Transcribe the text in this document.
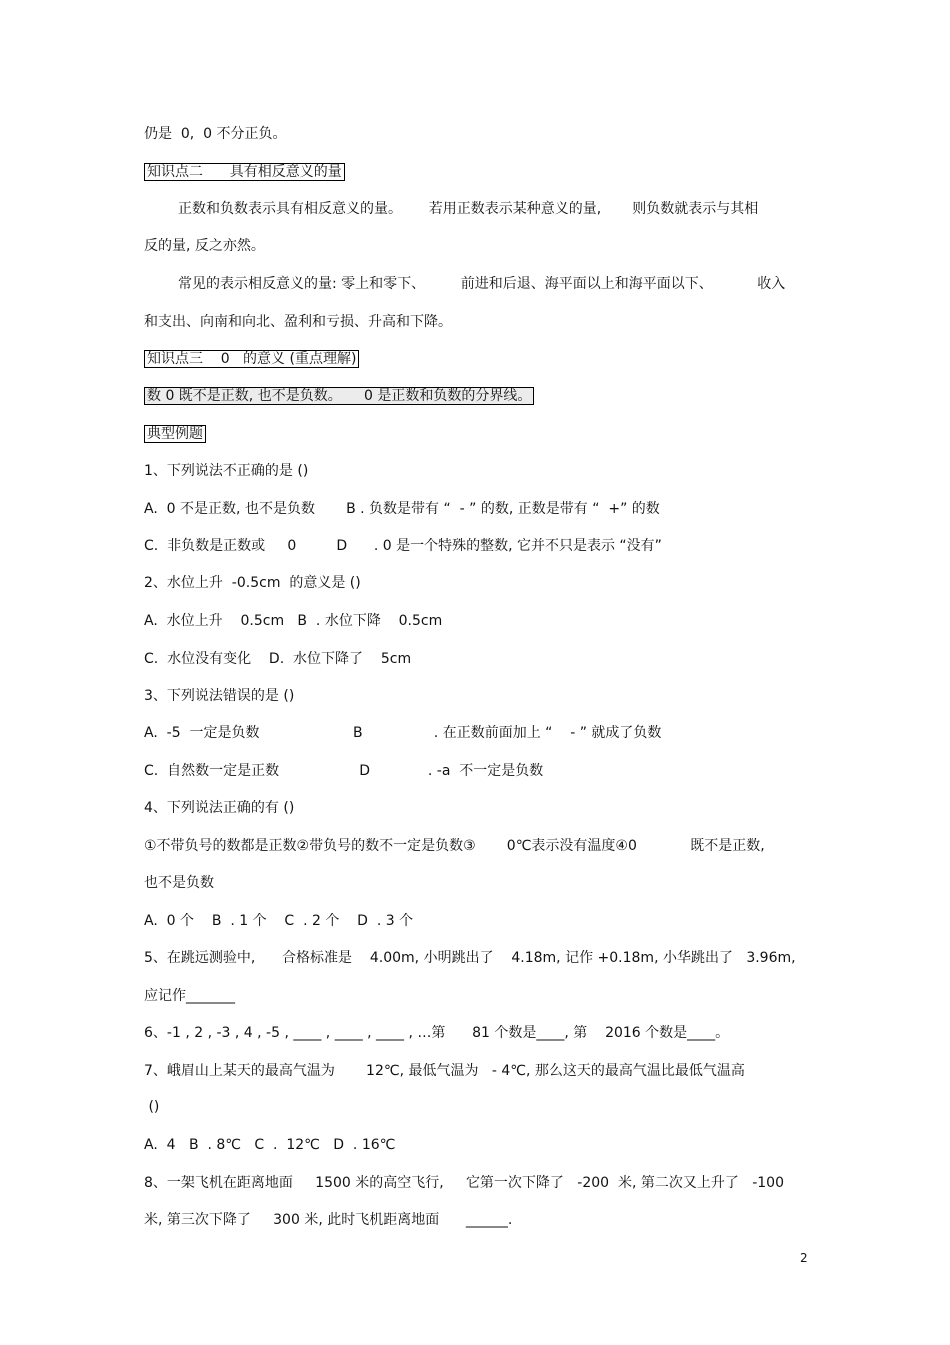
仍是  0,  0 不分正负。
知识点二      具有相反意义的量
正数和负数表示具有相反意义的量。      若用正数表示某种意义的量,       则负数就表示与其相
反的量, 反之亦然。
常见的表示相反意义的量: 零上和零下、        前进和后退、海平面以上和海平面以下、          收入
和支出、向南和向北、盈利和亏损、升高和下降。
知识点三    0   的意义 (重点理解)
数 0 既不是正数, 也不是负数。     0 是正数和负数的分界线。
典型例题
1、下列说法不正确的是 ()
A.  0 不是正数, 也不是负数       B . 负数是带有 “  - ” 的数, 正数是带有 “  +” 的数
C.  非负数是正数或     0         D      . 0 是一个特殊的整数, 它并不只是表示 “没有”
2、水位上升  -0.5cm  的意义是 ()
A.  水位上升    0.5cm   B  . 水位下降    0.5cm
C.  水位没有变化    D.  水位下降了    5cm
3、下列说法错误的是 ()
A.  -5  一定是负数                     B                . 在正数前面加上 “    - ” 就成了负数
C.  自然数一定是正数                  D             . -a  不一定是负数
4、下列说法正确的有 ()
①不带负号的数都是正数②带负号的数不一定是负数③       0℃表示没有温度④0            既不是正数,
也不是负数
A.  0 个    B  . 1 个    C  . 2 个    D  . 3 个
5、在跳远测验中,      合格标准是    4.00m, 小明跳出了    4.18m, 记作 +0.18m, 小华跳出了   3.96m,
应记作_______
6、-1 , 2 , -3 , 4 , -5 , ____ , ____ , ____ , …第      81 个数是____, 第    2016 个数是____。
7、峨眉山上某天的最高气温为       12℃, 最低气温为   - 4℃, 那么这天的最高气温比最低气温高
()
A.  4   B  . 8℃   C  .  12℃   D  . 16℃
8、一架飞机在距离地面     1500 米的高空飞行,     它第一次下降了   -200  米, 第二次又上升了   -100
米, 第三次下降了     300 米, 此时飞机距离地面      ______.
2
